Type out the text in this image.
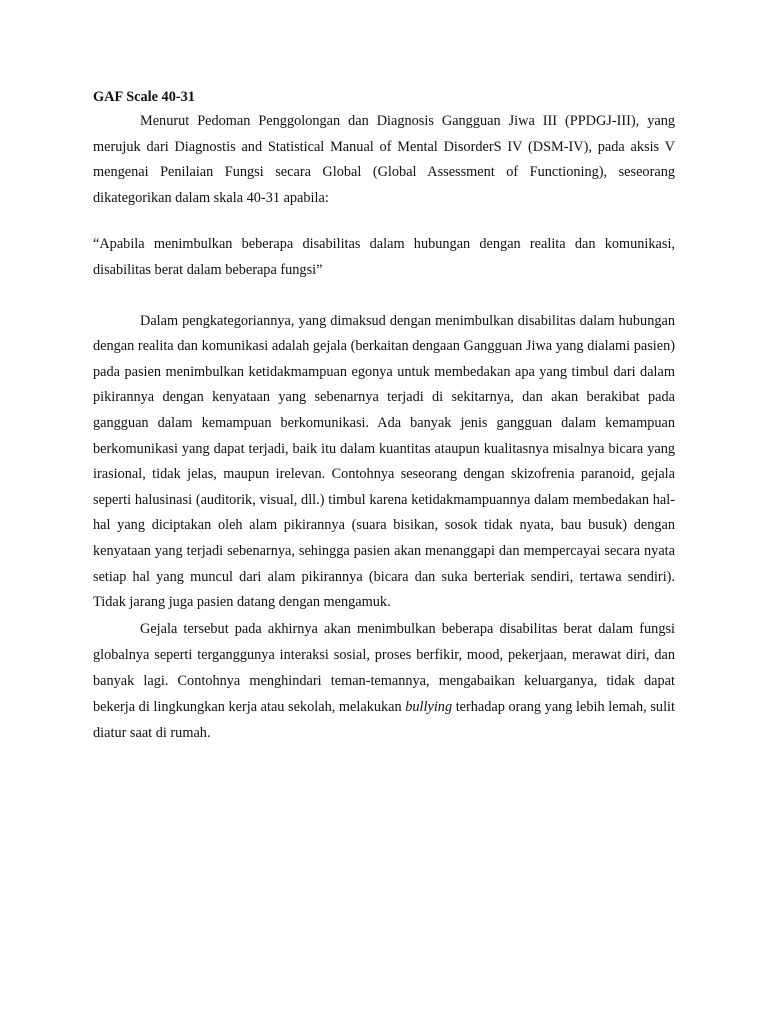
GAF Scale 40-31

Menurut Pedoman Penggolongan dan Diagnosis Gangguan Jiwa III (PPDGJ-III), yang merujuk dari Diagnostis and Statistical Manual of Mental DisorderS IV (DSM-IV), pada aksis V mengenai Penilaian Fungsi secara Global (Global Assessment of Functioning), seseorang dikategorikan dalam skala 40-31 apabila:

“Apabila menimbulkan beberapa disabilitas dalam hubungan dengan realita dan komunikasi, disabilitas berat dalam beberapa fungsi”

Dalam pengkategoriannya, yang dimaksud dengan menimbulkan disabilitas dalam hubungan dengan realita dan komunikasi adalah gejala (berkaitan dengaan Gangguan Jiwa yang dialami pasien) pada pasien menimbulkan ketidakmampuan egonya untuk membedakan apa yang timbul dari dalam pikirannya dengan kenyataan yang sebenarnya terjadi di sekitarnya, dan akan berakibat pada gangguan dalam kemampuan berkomunikasi. Ada banyak jenis gangguan dalam kemampuan berkomunikasi yang dapat terjadi, baik itu dalam kuantitas ataupun kualitasnya misalnya bicara yang irasional, tidak jelas, maupun irelevan. Contohnya seseorang dengan skizofrenia paranoid, gejala seperti halusinasi (auditorik, visual, dll.) timbul karena ketidakmampuannya dalam membedakan hal-hal yang diciptakan oleh alam pikirannya (suara bisikan, sosok tidak nyata, bau busuk) dengan kenyataan yang terjadi sebenarnya, sehingga pasien akan menanggapi dan mempercayai secara nyata setiap hal yang muncul dari alam pikirannya (bicara dan suka berteriak sendiri, tertawa sendiri). Tidak jarang juga pasien datang dengan mengamuk.

Gejala tersebut pada akhirnya akan menimbulkan beberapa disabilitas berat dalam fungsi globalnya seperti terganggunya interaksi sosial, proses berfikir, mood, pekerjaan, merawat diri, dan banyak lagi. Contohnya menghindari teman-temannya, mengabaikan keluarganya, tidak dapat bekerja di lingkungkan kerja atau sekolah, melakukan bullying terhadap orang yang lebih lemah, sulit diatur saat di rumah.
